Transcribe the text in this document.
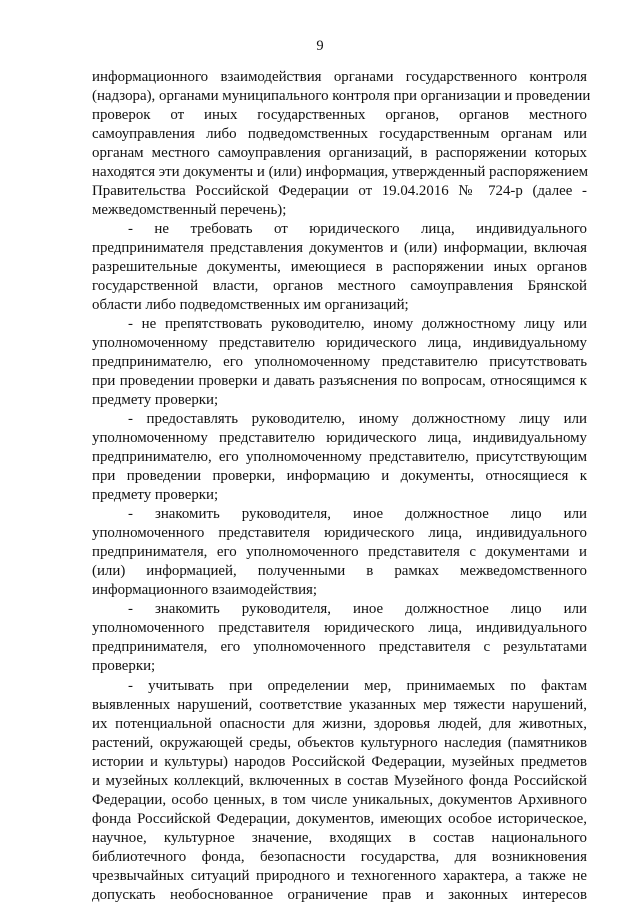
9
информационного взаимодействия органами государственного контроля
(надзора), органами муниципального контроля при организации и проведении
проверок от иных государственных органов, органов местного
самоуправления либо подведомственных государственным органам или
органам местного самоуправления организаций, в распоряжении которых
находятся эти документы и (или) информация, утвержденный распоряжением
Правительства Российской Федерации от 19.04.2016 № 724-р (далее -
межведомственный перечень);
- не требовать от юридического лица, индивидуального
предпринимателя представления документов и (или) информации, включая
разрешительные документы, имеющиеся в распоряжении иных органов
государственной власти, органов местного самоуправления Брянской
области либо подведомственных им организаций;
- не препятствовать руководителю, иному должностному лицу или
уполномоченному представителю юридического лица, индивидуальному
предпринимателю, его уполномоченному представителю присутствовать
при проведении проверки и давать разъяснения по вопросам, относящимся к
предмету проверки;
- предоставлять руководителю, иному должностному лицу или
уполномоченному представителю юридического лица, индивидуальному
предпринимателю, его уполномоченному представителю, присутствующим
при проведении проверки, информацию и документы, относящиеся к
предмету проверки;
- знакомить руководителя, иное должностное лицо или
уполномоченного представителя юридического лица, индивидуального
предпринимателя, его уполномоченного представителя с документами и
(или) информацией, полученными в рамках межведомственного
информационного взаимодействия;
- знакомить руководителя, иное должностное лицо или
уполномоченного представителя юридического лица, индивидуального
предпринимателя, его уполномоченного представителя с результатами
проверки;
- учитывать при определении мер, принимаемых по фактам
выявленных нарушений, соответствие указанных мер тяжести нарушений,
их потенциальной опасности для жизни, здоровья людей, для животных,
растений, окружающей среды, объектов культурного наследия (памятников
истории и культуры) народов Российской Федерации, музейных предметов
и музейных коллекций, включенных в состав Музейного фонда Российской
Федерации, особо ценных, в том числе уникальных, документов Архивного
фонда Российской Федерации, документов, имеющих особое историческое,
научное, культурное значение, входящих в состав национального
библиотечного фонда, безопасности государства, для возникновения
чрезвычайных ситуаций природного и техногенного характера, а также не
допускать необоснованное ограничение прав и законных интересов
